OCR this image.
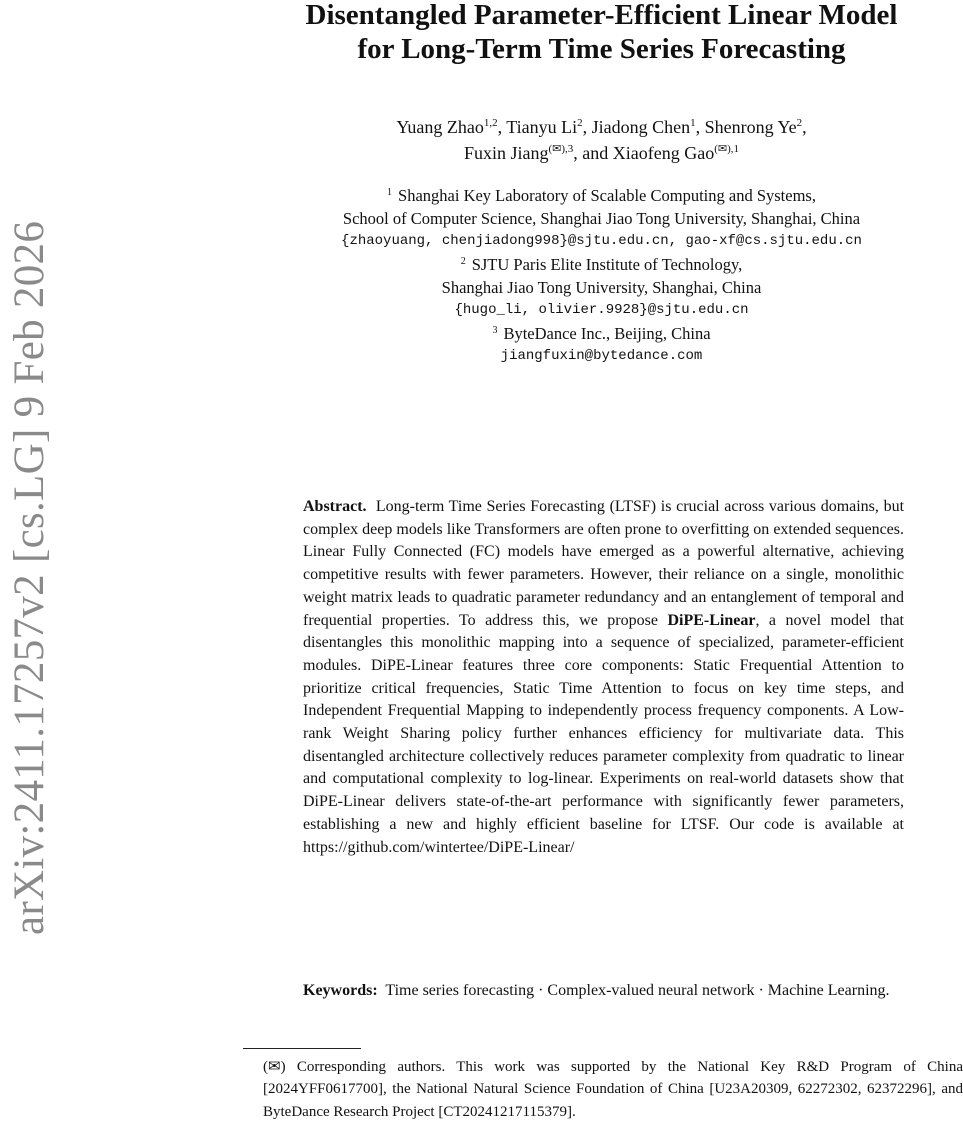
arXiv:2411.17257v2 [cs.LG] 9 Feb 2026
Disentangled Parameter-Efficient Linear Model
for Long-Term Time Series Forecasting
Yuang Zhao$^{1,2}$, Tianyu Li$^2$, Jiadong Chen$^1$, Shenrong Ye$^2$,
Fuxin Jiang$^{(✉),3}$, and Xiaofeng Gao$^{(✉),1}$
$^1$ Shanghai Key Laboratory of Scalable Computing and Systems,
School of Computer Science, Shanghai Jiao Tong University, Shanghai, China
{zhaoyuang, chenjiadong998}@sjtu.edu.cn, gao-xf@cs.sjtu.edu.cn
$^2$ SJTU Paris Elite Institute of Technology,
Shanghai Jiao Tong University, Shanghai, China
{hugo_li, olivier.9928}@sjtu.edu.cn
$^3$ ByteDance Inc., Beijing, China
jiangfuxin@bytedance.com
Abstract. Long-term Time Series Forecasting (LTSF) is crucial across various domains, but complex deep models like Transformers are often prone to overfitting on extended sequences. Linear Fully Connected (FC) models have emerged as a powerful alternative, achieving competitive results with fewer parameters. However, their reliance on a single, monolithic weight matrix leads to quadratic parameter redundancy and an entanglement of temporal and frequential properties. To address this, we propose DiPE-Linear, a novel model that disentangles this monolithic mapping into a sequence of specialized, parameter-efficient modules. DiPE-Linear features three core components: Static Frequential Attention to prioritize critical frequencies, Static Time Attention to focus on key time steps, and Independent Frequential Mapping to independently process frequency components. A Low-rank Weight Sharing policy further enhances efficiency for multivariate data. This disentangled architecture collectively reduces parameter complexity from quadratic to linear and computational complexity to log-linear. Experiments on real-world datasets show that DiPE-Linear delivers state-of-the-art performance with significantly fewer parameters, establishing a new and highly efficient baseline for LTSF. Our code is available at https://github.com/wintertee/DiPE-Linear/
Keywords: Time series forecasting · Complex-valued neural network · Machine Learning.
(✉) Corresponding authors. This work was supported by the National Key R&D Program of China [2024YFF0617700], the National Natural Science Foundation of China [U23A20309, 62272302, 62372296], and ByteDance Research Project [CT20241217115379].
